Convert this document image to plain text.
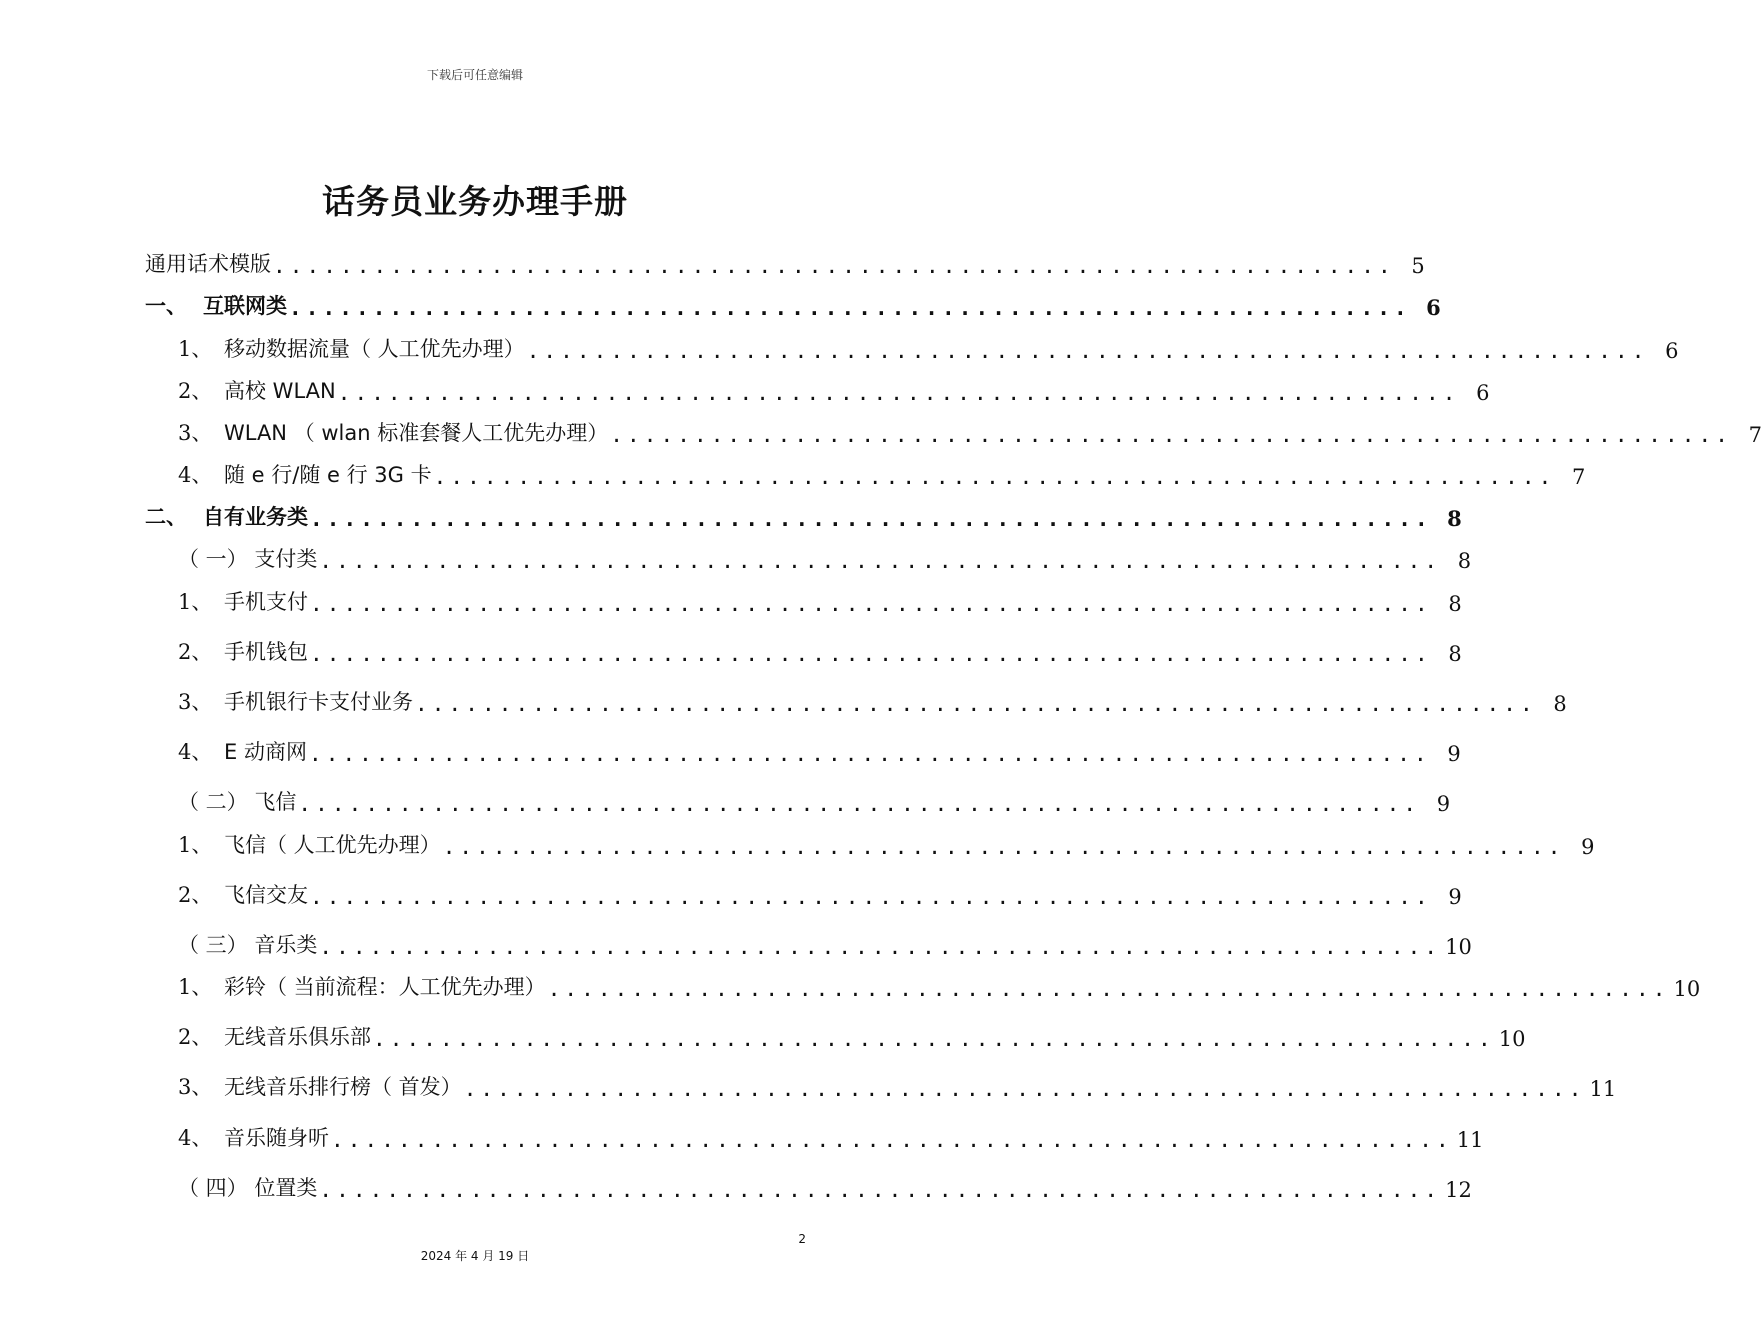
下载后可任意编辑
话务员业务办理手册
通用话术模版 ................................................................... 5
一、 互联网类 ................................................................... 6
1、 移动数据流量（ 人工优先办理） ................................................................... 6
2、 高校 WLAN ................................................................... 6
3、 WLAN （ wlan 标准套餐人工优先办理） ................................................................... 7
4、 随 e 行/随 e 行 3G 卡 ................................................................... 7
二、 自有业务类 ................................................................... 8
（ 一） 支付类 ................................................................... 8
1、 手机支付 ................................................................... 8
2、 手机钱包 ................................................................... 8
3、 手机银行卡支付业务 ................................................................... 8
4、 E 动商网 ................................................................... 9
（ 二） 飞信 ................................................................... 9
1、 飞信（ 人工优先办理） ................................................................... 9
2、 飞信交友 ................................................................... 9
（ 三） 音乐类 ................................................................... 10
1、 彩铃（ 当前流程：人工优先办理） ................................................................... 10
2、 无线音乐俱乐部 ................................................................... 10
3、 无线音乐排行榜（ 首发） ................................................................... 11
4、 音乐随身听 ................................................................... 11
（ 四） 位置类 ................................................................... 12
2
2024 年 4 月 19 日
